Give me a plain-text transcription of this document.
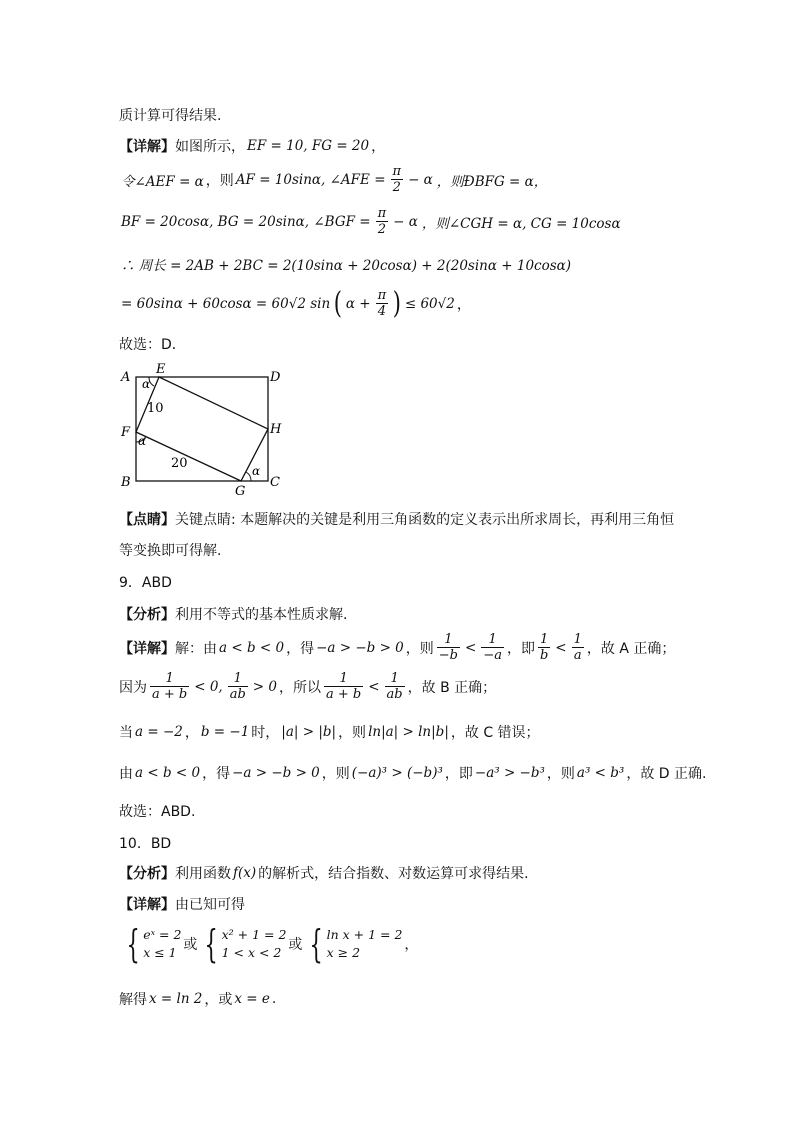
质计算可得结果.
【详解】 如图所示， EF = 10, FG = 20 ，
令∠AEF = α ，则 AF = 10sinα, ∠AFE = $\frac{\pi}{2} - \alpha$ ，则ÐBFG = α，
BF = 20cosα, BG = 20sinα, ∠BGF = $\frac{\pi}{2} - \alpha$ ，则∠CGH = α, CG = 10cosα
∴ 周长 = 2AB + 2BC = 2(10sinα + 20cosα) + 2(20sinα + 10cosα)
= 60sinα + 60cosα = 60√2 sin ( $\alpha + \frac{\pi}{4}$ ) ≤ 60√2 ，
故选：D．
A
B	C
D
E
F
G
H
α
α
α
10
20
【点睛】 关键点睛: 本题解决的关键是利用三角函数的定义表示出所求周长，再利用三角恒
等变换即可得解.
9．ABD
【分析】 利用不等式的基本性质求解.
【详解】 解：由 a < b < 0 ，得 −a > −b > 0 ，则 $\frac{1}{-b} < \frac{1}{-a}$ ，即 $\frac{1}{b} < \frac{1}{a}$ ，故 A 正确；
因为 $\frac{1}{a + b} < 0$, $\frac{1}{ab} > 0$ ，所以 $\frac{1}{a + b} < \frac{1}{ab}$ ，故 B 正确；
当 a = −2 ， b = −1 时， |a| > |b| ，则 ln|a| > ln|b| ，故 C 错误；
由 a < b < 0 ，得 −a > −b > 0 ，则 (−a)³ > (−b)³ ，即 −a³ > −b³ ，则 a³ < b³ ，故 D 正确.
故选：ABD.
10．BD
【分析】 利用函数 f(x) 的解析式，结合指数、对数运算可求得结果.
【详解】 由已知可得
{ eˣ = 2
x ≤ 1 或 { x² + 1 = 2
1 < x < 2 或 { ln x + 1 = 2
x ≥ 2	，
解得 x = ln 2 ，或 x = e .
